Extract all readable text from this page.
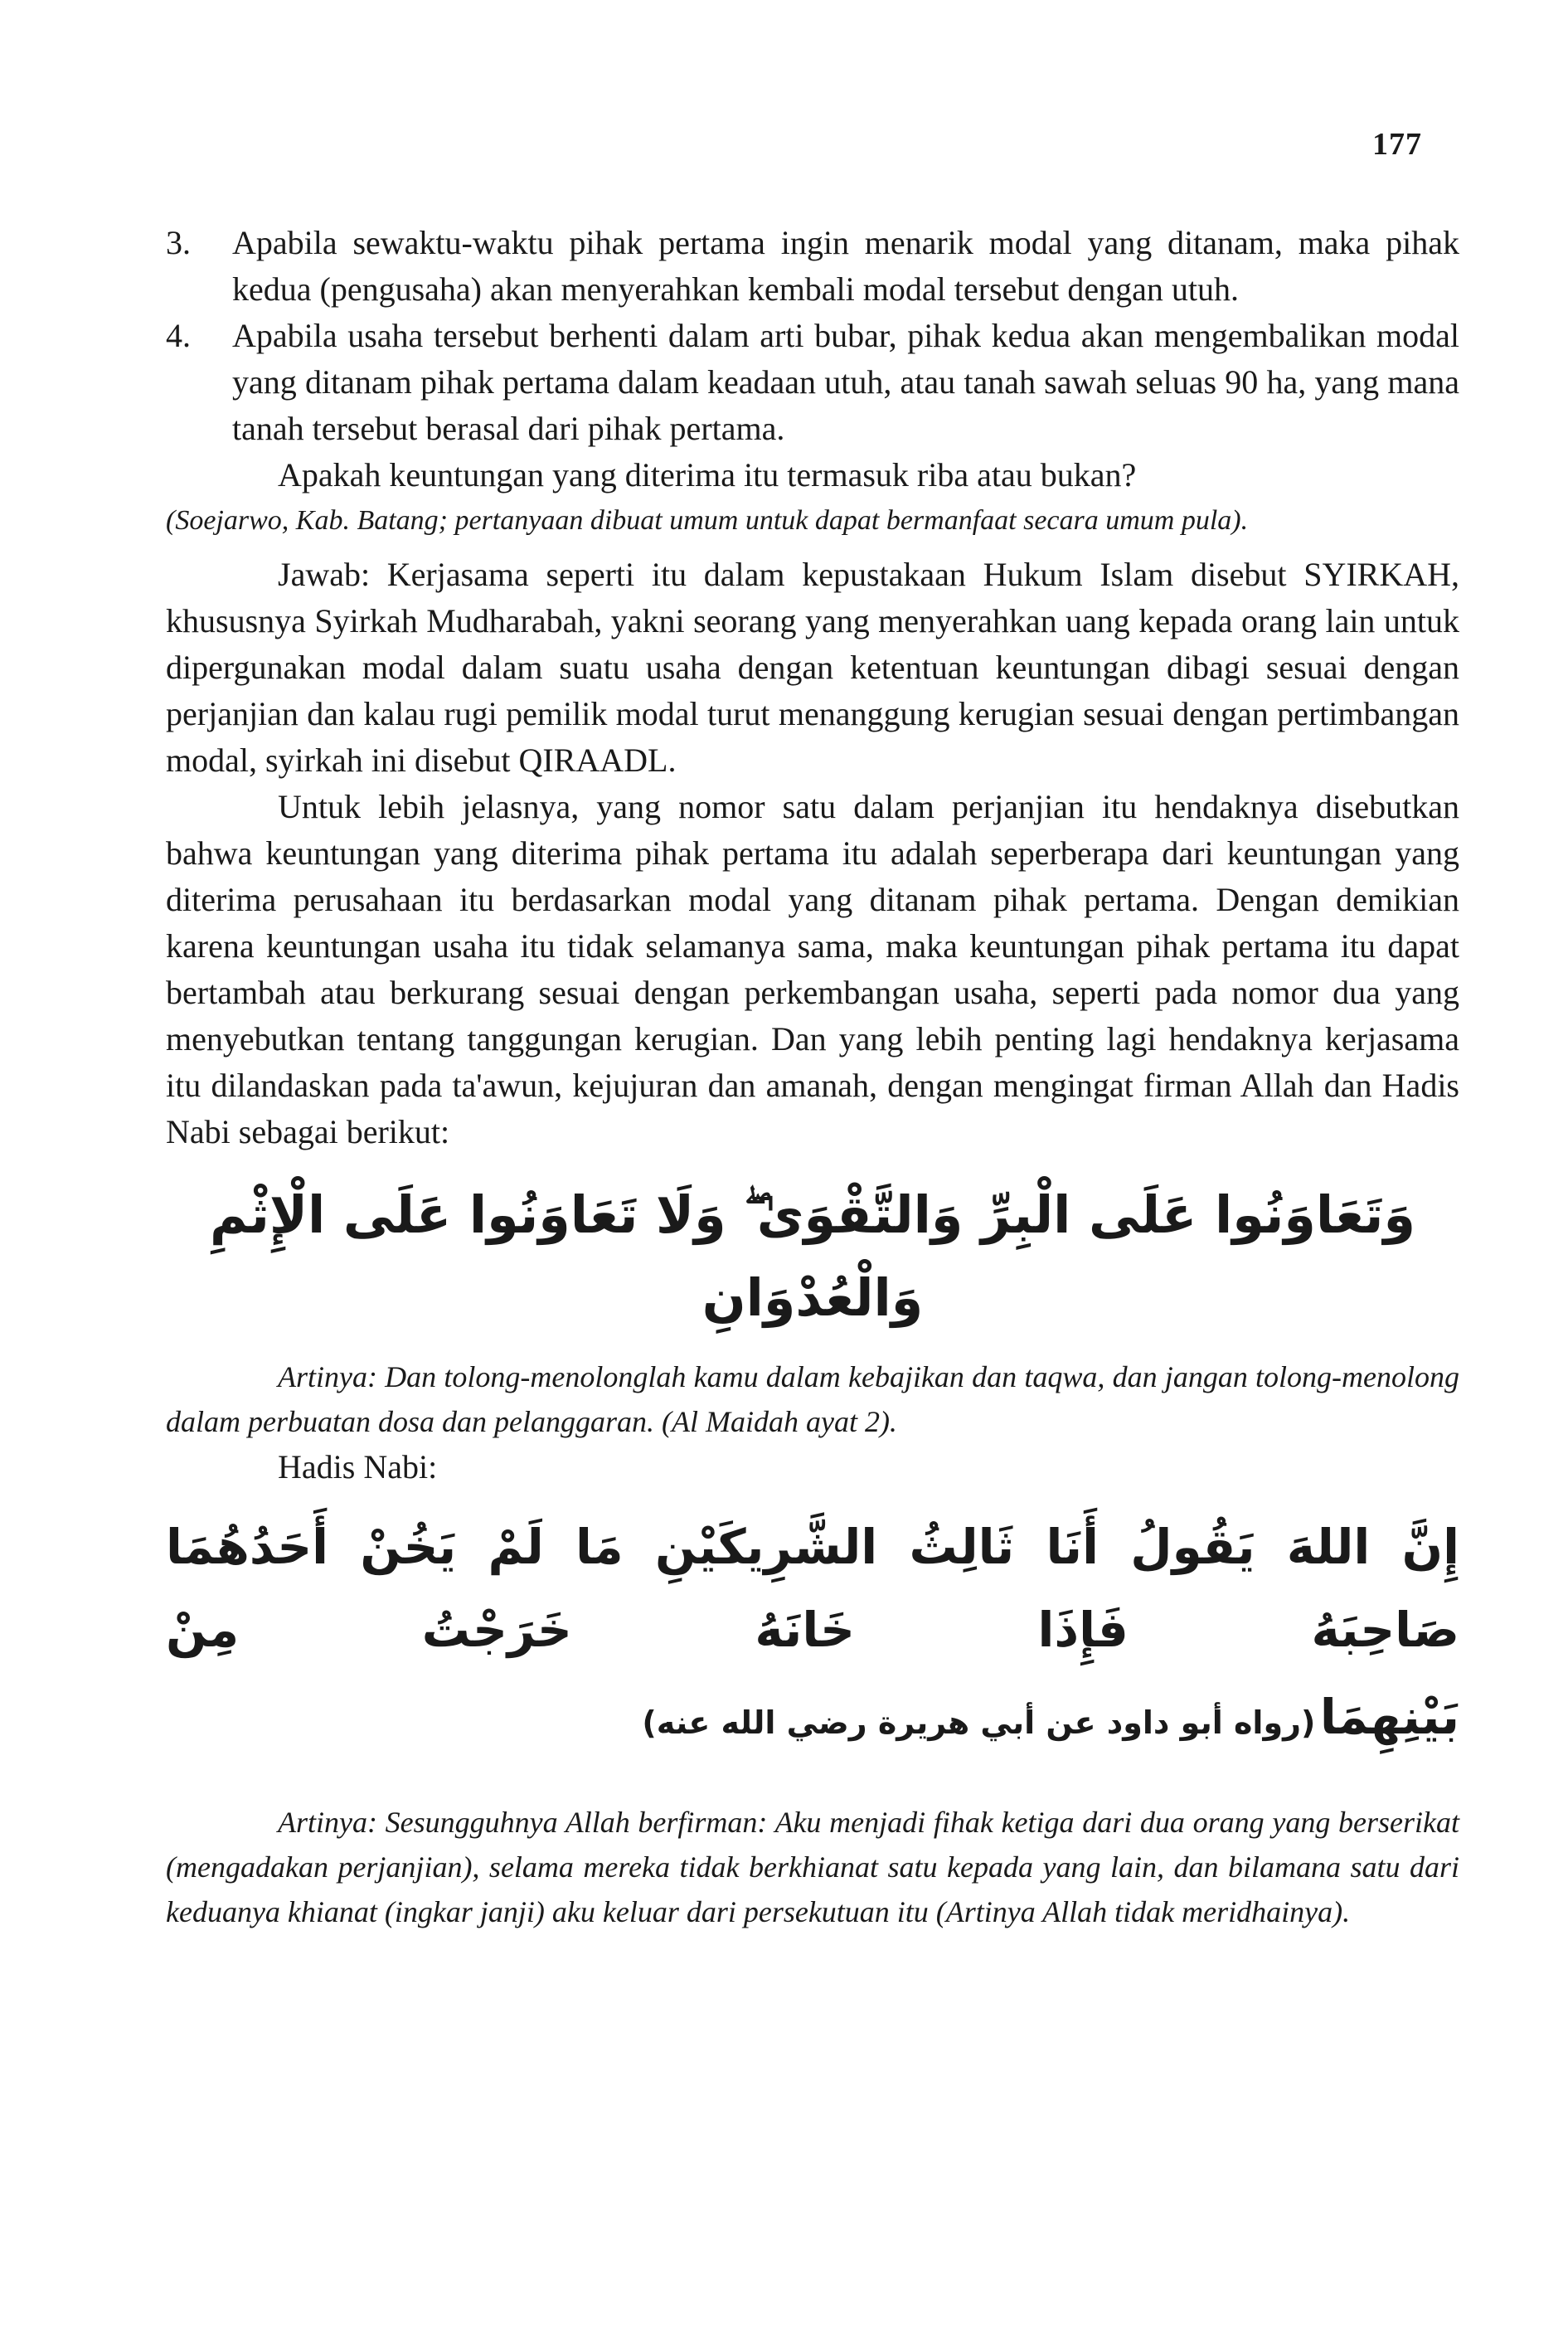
177
3.	Apabila sewaktu-waktu pihak pertama ingin menarik modal yang ditanam, maka pihak kedua (pengusaha) akan menyerahkan kembali modal tersebut dengan utuh.
4.	Apabila usaha tersebut berhenti dalam arti bubar, pihak kedua akan mengembalikan modal yang ditanam pihak pertama dalam keadaan utuh, atau tanah sawah seluas 90 ha, yang mana tanah tersebut berasal dari pihak pertama.

Apakah keuntungan yang diterima itu termasuk riba atau bukan?

(Soejarwo, Kab. Batang; pertanyaan dibuat umum untuk dapat bermanfaat secara umum pula).

Jawab: Kerjasama seperti itu dalam kepustakaan Hukum Islam disebut SYIRKAH, khususnya Syirkah Mudharabah, yakni seorang yang menyerahkan uang kepada orang lain untuk dipergunakan modal dalam suatu usaha dengan ketentuan keuntungan dibagi sesuai dengan perjanjian dan kalau rugi pemilik modal turut menanggung kerugian sesuai dengan pertimbangan modal, syirkah ini disebut QIRAADL.

Untuk lebih jelasnya, yang nomor satu dalam perjanjian itu hendaknya disebutkan bahwa keuntungan yang diterima pihak pertama itu adalah seperberapa dari keuntungan yang diterima perusahaan itu berdasarkan modal yang ditanam pihak pertama. Dengan demikian karena keuntungan usaha itu tidak selamanya sama, maka keuntungan pihak pertama itu dapat bertambah atau berkurang sesuai dengan perkembangan usaha, seperti pada nomor dua yang menyebutkan tentang tanggungan kerugian. Dan yang lebih penting lagi hendaknya kerjasama itu dilandaskan pada ta'awun, kejujuran dan amanah, dengan mengingat firman Allah dan Hadis Nabi sebagai berikut:

وَتَعَاوَنُوا عَلَى الْبِرِّ وَالتَّقْوَىٰ ۖ وَلَا تَعَاوَنُوا عَلَى الْإِثْمِ وَالْعُدْوَانِ

Artinya: Dan tolong-menolonglah kamu dalam kebajikan dan taqwa, dan jangan tolong-menolong dalam perbuatan dosa dan pelanggaran. (Al Maidah ayat 2).

Hadis Nabi:

إِنَّ اللهَ يَقُولُ أَنَا ثَالِثُ الشَّرِيكَيْنِ مَا لَمْ يَخُنْ أَحَدُهُمَا صَاحِبَهُ فَإِذَا خَانَهُ خَرَجْتُ مِنْ
بَيْنِهِمَا (رواه أبو داود عن أبي هريرة رضي الله عنه)

Artinya: Sesungguhnya Allah berfirman: Aku menjadi fihak ketiga dari dua orang yang berserikat (mengadakan perjanjian), selama mereka tidak berkhianat satu kepada yang lain, dan bilamana satu dari keduanya khianat (ingkar janji) aku keluar dari persekutuan itu (Artinya Allah tidak meridhainya).
